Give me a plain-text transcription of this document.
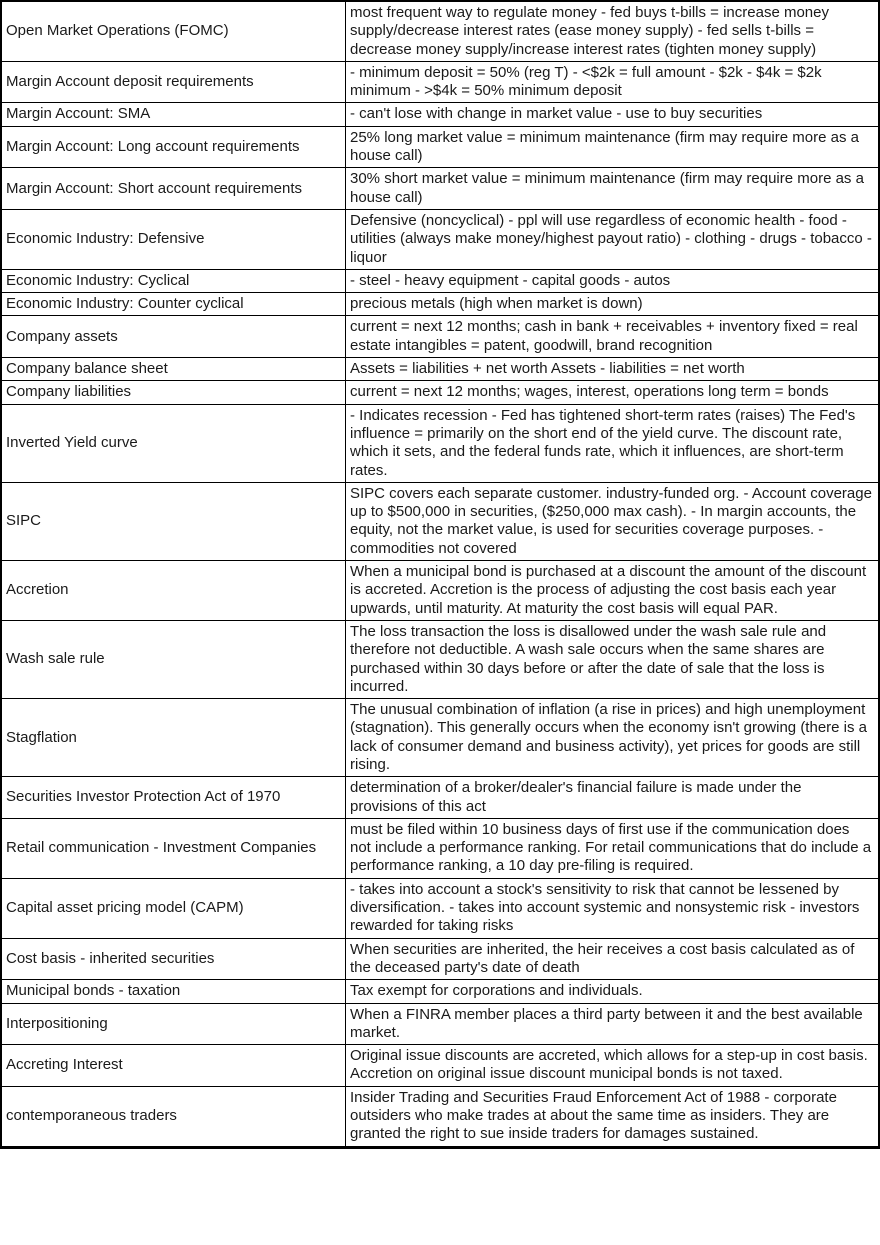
Open Market Operations (FOMC)	most frequent way to regulate money - fed buys t-bills = increase money supply/decrease interest rates (ease money supply) - fed sells t-bills = decrease money supply/increase interest rates (tighten money supply)
Margin Account deposit requirements	- minimum deposit = 50% (reg T) - <$2k = full amount - $2k - $4k = $2k minimum - >$4k = 50% minimum deposit
Margin Account: SMA	- can't lose with change in market value - use to buy securities
Margin Account: Long account requirements	25% long market value = minimum maintenance (firm may require more as a house call)
Margin Account: Short account requirements	30% short market value = minimum maintenance (firm may require more as a house call)
Economic Industry: Defensive	Defensive (noncyclical) - ppl will use regardless of economic health - food - utilities (always make money/highest payout ratio) - clothing - drugs - tobacco - liquor
Economic Industry: Cyclical	- steel - heavy equipment - capital goods - autos
Economic Industry: Counter cyclical	precious metals (high when market is down)
Company assets	current = next 12 months; cash in bank + receivables + inventory fixed = real estate intangibles = patent, goodwill, brand recognition
Company balance sheet	Assets = liabilities + net worth Assets - liabilities = net worth
Company liabilities	current = next 12 months; wages, interest, operations long term = bonds
Inverted Yield curve	- Indicates recession - Fed has tightened short-term rates (raises) The Fed's influence = primarily on the short end of the yield curve. The discount rate, which it sets, and the federal funds rate, which it influences, are short-term rates.
SIPC	SIPC covers each separate customer. industry-funded org. - Account coverage up to $500,000 in securities, ($250,000 max cash). - In margin accounts, the equity, not the market value, is used for securities coverage purposes. - commodities not covered
Accretion	When a municipal bond is purchased at a discount the amount of the discount is accreted. Accretion is the process of adjusting the cost basis each year upwards, until maturity. At maturity the cost basis will equal PAR.
Wash sale rule	The loss transaction the loss is disallowed under the wash sale rule and therefore not deductible. A wash sale occurs when the same shares are purchased within 30 days before or after the date of sale that the loss is incurred.
Stagflation	The unusual combination of inflation (a rise in prices) and high unemployment (stagnation). This generally occurs when the economy isn't growing (there is a lack of consumer demand and business activity), yet prices for goods are still rising.
Securities Investor Protection Act of 1970	determination of a broker/dealer's financial failure is made under the provisions of this act
Retail communication - Investment Companies	must be filed within 10 business days of first use if the communication does not include a performance ranking. For retail communications that do include a performance ranking, a 10 day pre-filing is required.
Capital asset pricing model (CAPM)	- takes into account a stock's sensitivity to risk that cannot be lessened by diversification. - takes into account systemic and nonsystemic risk - investors rewarded for taking risks
Cost basis - inherited securities	When securities are inherited, the heir receives a cost basis calculated as of the deceased party's date of death
Municipal bonds - taxation	Tax exempt for corporations and individuals.
Interpositioning	When a FINRA member places a third party between it and the best available market.
Accreting Interest	Original issue discounts are accreted, which allows for a step-up in cost basis. Accretion on original issue discount municipal bonds is not taxed.
contemporaneous traders	Insider Trading and Securities Fraud Enforcement Act of 1988 - corporate outsiders who make trades at about the same time as insiders. They are granted the right to sue inside traders for damages sustained.
